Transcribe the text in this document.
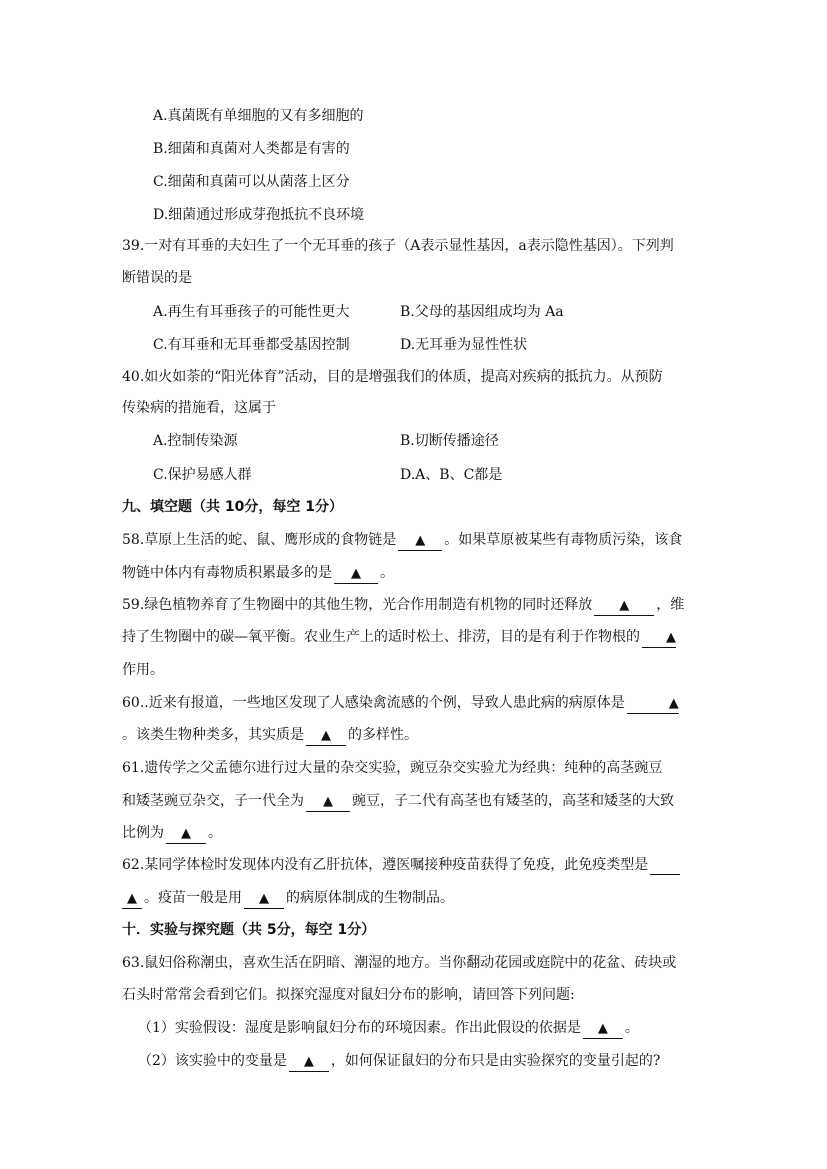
A.真菌既有单细胞的又有多细胞的
B.细菌和真菌对人类都是有害的
C.细菌和真菌可以从菌落上区分
D.细菌通过形成芽孢抵抗不良环境
39.一对有耳垂的夫妇生了一个无耳垂的孩子（A表示显性基因，a表示隐性基因）。下列判
断错误的是
A.再生有耳垂孩子的可能性更大	B.父母的基因组成均为 Aa
C.有耳垂和无耳垂都受基因控制	D.无耳垂为显性性状
40.如火如荼的“阳光体育”活动，目的是增强我们的体质，提高对疾病的抵抗力。从预防
传染病的措施看，这属于
A.控制传染源	B.切断传播途径
C.保护易感人群	D.A、B、C都是
九、填空题（共 10分，每空 1分）
58.草原上生活的蛇、鼠、鹰形成的食物链是 ▲ 。如果草原被某些有毒物质污染，该食
物链中体内有毒物质积累最多的是 ▲ 。
59.绿色植物养育了生物圈中的其他生物，光合作用制造有机物的同时还释放 ▲ ，维
持了生物圈中的碳—氧平衡。农业生产上的适时松土、排涝，目的是有利于作物根的 ▲
作用。
60..近来有报道，一些地区发现了人感染禽流感的个例，导致人患此病的病原体是	▲
。该类生物种类多，其实质是 ▲ 的多样性。
61.遗传学之父孟德尔进行过大量的杂交实验，豌豆杂交实验尤为经典：纯种的高茎豌豆
和矮茎豌豆杂交，子一代全为 ▲ 豌豆，子二代有高茎也有矮茎的，高茎和矮茎的大致
比例为 ▲ 。
62.某同学体检时发现体内没有乙肝抗体，遵医嘱接种疫苗获得了免疫，此免疫类型是
▲ 。疫苗一般是用 ▲ 的病原体制成的生物制品。
十．实验与探究题（共 5分，每空 1分）
63.鼠妇俗称潮虫，喜欢生活在阴暗、潮湿的地方。当你翻动花园或庭院中的花盆、砖块或
石头时常常会看到它们。拟探究湿度对鼠妇分布的影响，请回答下列问题:
（1）实验假设：湿度是影响鼠妇分布的环境因素。作出此假设的依据是 ▲ 。
（2）该实验中的变量是 ▲ ，如何保证鼠妇的分布只是由实验探究的变量引起的?
